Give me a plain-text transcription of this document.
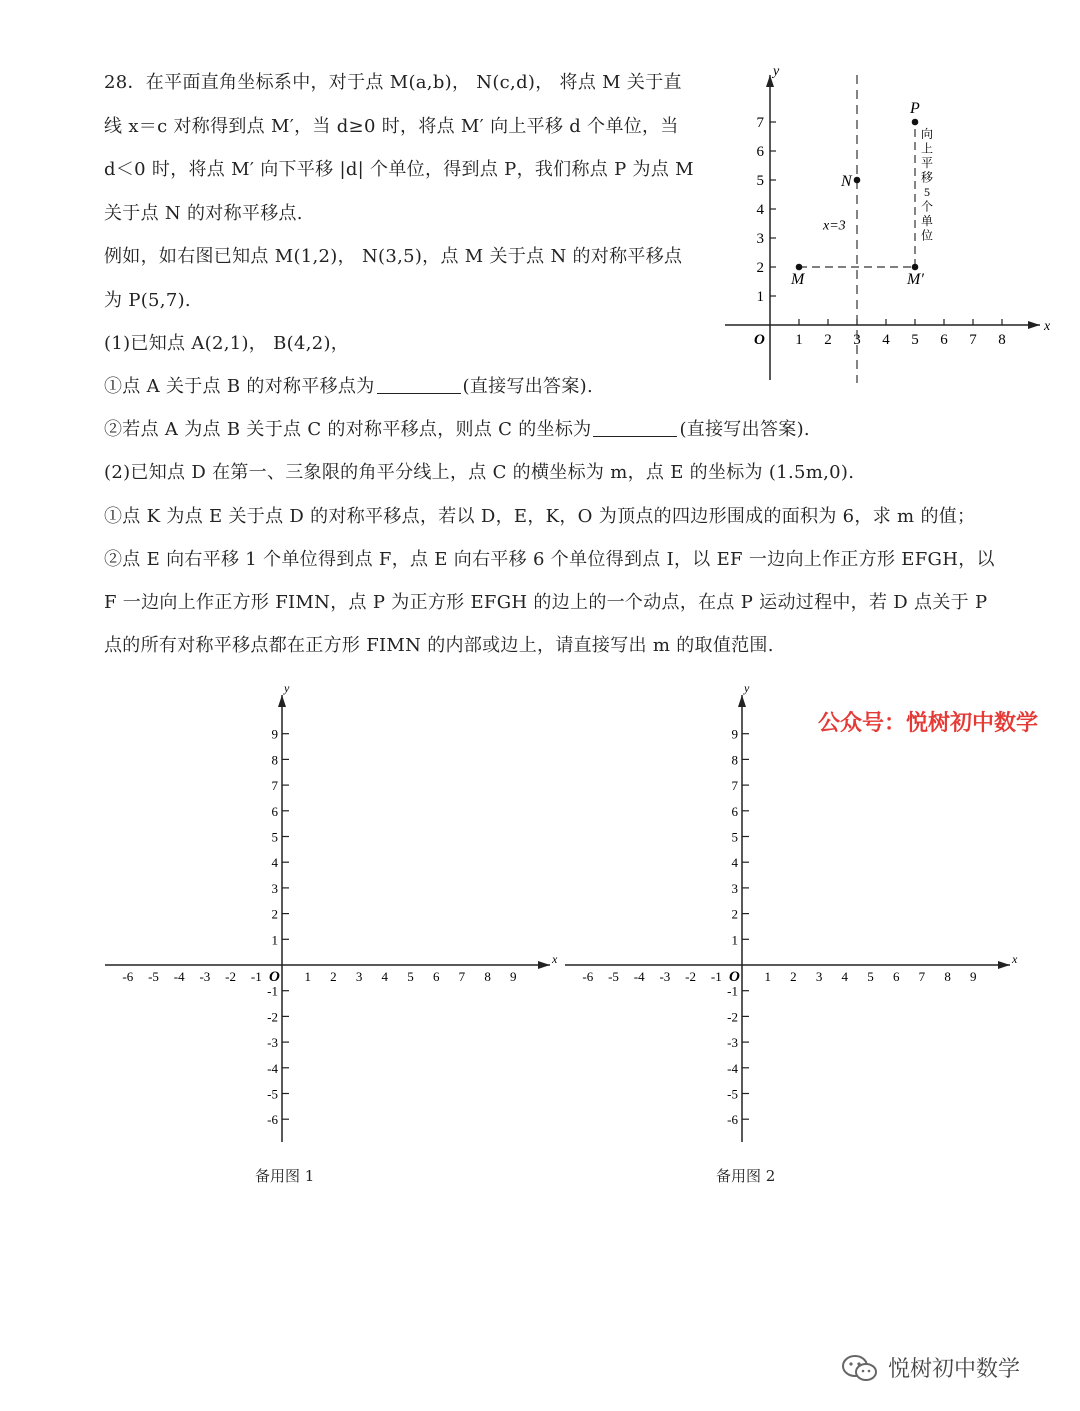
28．在平面直角坐标系中，对于点 M(a,b)， N(c,d)， 将点 M 关于直
线 x＝c 对称得到点 M′，当 d≥0 时，将点 M′ 向上平移 d 个单位，当
d＜0 时，将点 M′ 向下平移 |d| 个单位，得到点 P，我们称点 P 为点 M
关于点 N 的对称平移点.
例如，如右图已知点 M(1,2)， N(3,5)，点 M 关于点 N 的对称平移点
为 P(5,7).
(1)已知点 A(2,1)， B(4,2)，
①点 A 关于点 B 的对称平移点为	(直接写出答案).
②若点 A 为点 B 关于点 C 的对称平移点，则点 C 的坐标为	(直接写出答案).
(2)已知点 D 在第一、三象限的角平分线上，点 C 的横坐标为 m，点 E 的坐标为 (1.5m,0).
①点 K 为点 E 关于点 D 的对称平移点，若以 D，E，K，O 为顶点的四边形围成的面积为 6，求 m 的值；
②点 E 向右平移 1 个单位得到点 F，点 E 向右平移 6 个单位得到点 I，以 EF 一边向上作正方形 EFGH，以
F 一边向上作正方形 FIMN，点 P 为正方形 EFGH 的边上的一个动点，在点 P 运动过程中，若 D 点关于 P
点的所有对称平移点都在正方形 FIMN 的内部或边上，请直接写出 m 的取值范围.
x
y
O 1 2 3 4 5 6 7 8
1
2
3
4
5
6
7
x=3
向
上
平
移
5
个
单
位
M
N
M′
P
x
y
O
-6 -5 -4 -3 -2 -1	1 2 3 4 5 6 7 8 9
1
2
3
4
5
6
7
8
9
-1
-2
-3
-4
-5
-6
x
y
O
-6 -5 -4 -3 -2 -1	1 2 3 4 5 6 7 8 9
1
2
3
4
5
6
7
8
9
-1
-2
-3
-4
-5
-6
备用图 1	备用图 2
公众号：悦树初中数学
悦树初中数学
